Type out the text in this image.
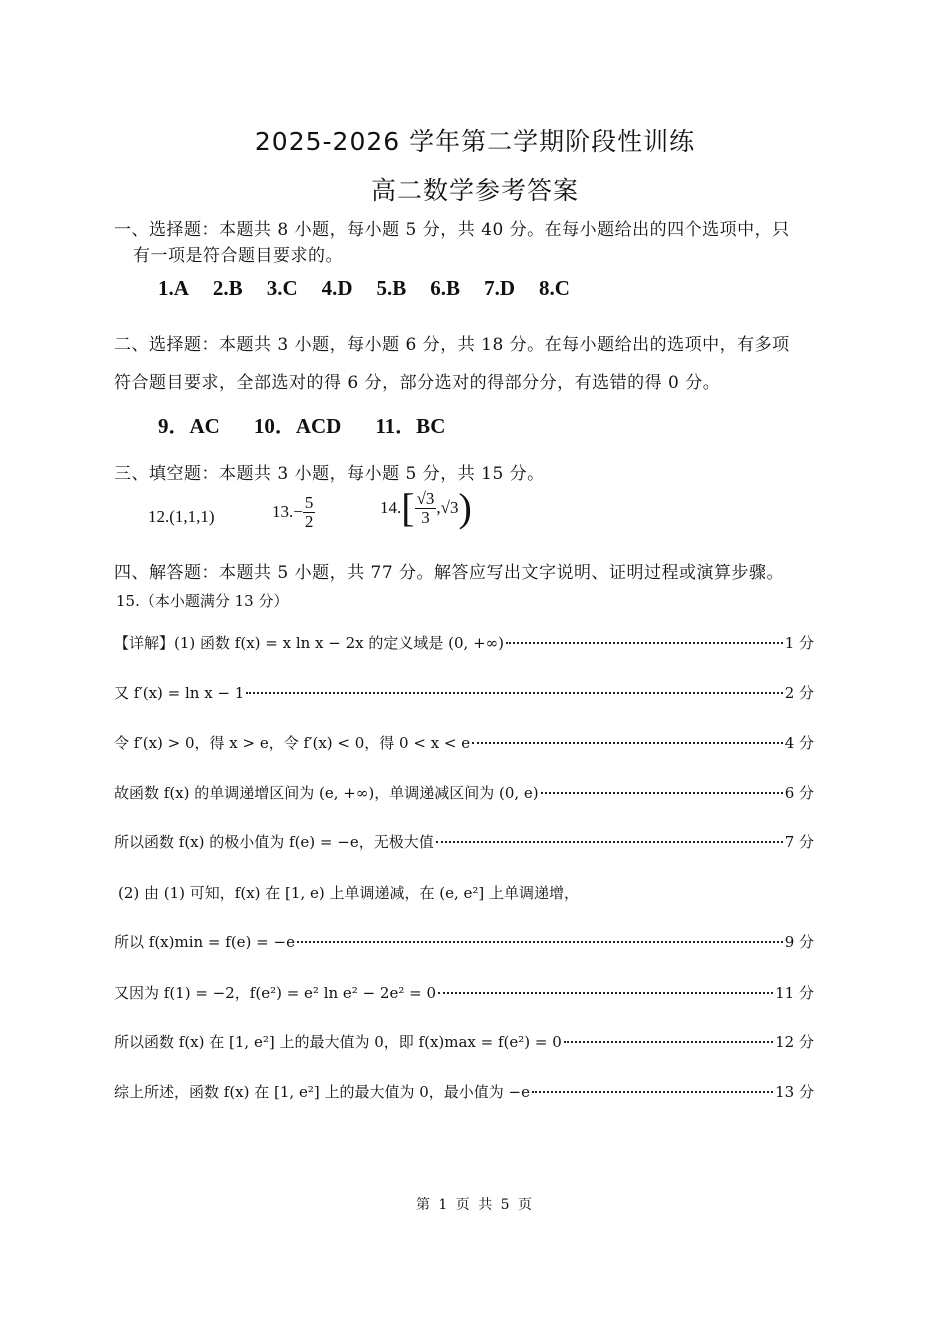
2025-2026 学年第二学期阶段性训练
高二数学参考答案
一、选择题：本题共 8 小题，每小题 5 分，共 40 分。在每小题给出的四个选项中，只
有一项是符合题目要求的。
1.A 2.B 3.C 4.D 5.B 6.B 7.D 8.C
二、选择题：本题共 3 小题，每小题 6 分，共 18 分。在每小题给出的选项中，有多项
符合题目要求，全部选对的得 6 分，部分选对的得部分分，有选错的得 0 分。
9．AC 10．ACD 11．BC
三、填空题：本题共 3 小题，每小题 5 分，共 15 分。
12.(1,1,1)	$13.- \frac{5}{2}$	14. [ $\frac{√3}{3} ,√3$ )
四、解答题：本题共 5 小题，共 77 分。解答应写出文字说明、证明过程或演算步骤。
15.（本小题满分 13 分）
【详解】(1) 函数 f(x) = x ln x − 2x 的定义域是 (0, +∞)	1 分
又 f′(x) = ln x − 1	2 分
令 f′(x) > 0，得 x > e，令 f′(x) < 0，得 0 < x < e	4 分
故函数 f(x) 的单调递增区间为 (e, +∞)，单调递减区间为 (0, e)	6 分
所以函数 f(x) 的极小值为 f(e) = −e，无极大值	7 分
(2) 由 (1) 可知，f(x) 在 [1, e) 上单调递减，在 (e, e²] 上单调递增，
所以 f(x)min = f(e) = −e	9 分
又因为 f(1) = −2，f(e²) = e² ln e² − 2e² = 0	11 分
所以函数 f(x) 在 [1, e²] 上的最大值为 0，即 f(x)max = f(e²) = 0	12 分
综上所述，函数 f(x) 在 [1, e²] 上的最大值为 0，最小值为 −e	13 分
第 1 页 共 5 页
